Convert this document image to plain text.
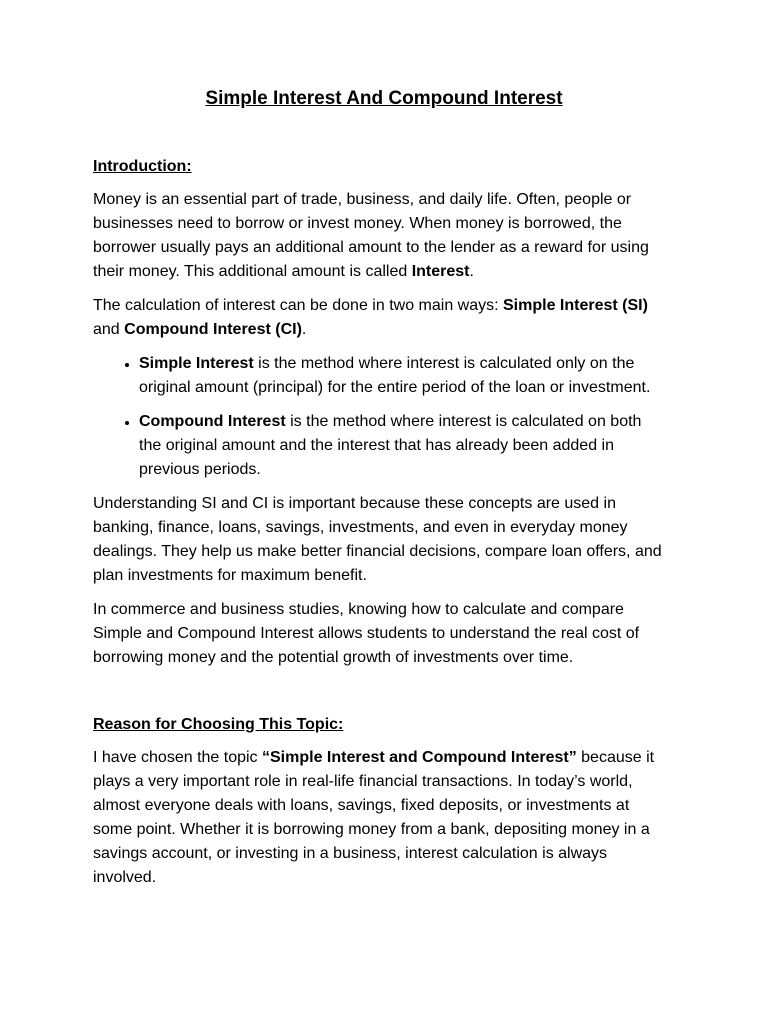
Simple Interest And Compound Interest
Introduction:

Money is an essential part of trade, business, and daily life. Often, people or businesses need to borrow or invest money. When money is borrowed, the borrower usually pays an additional amount to the lender as a reward for using their money. This additional amount is called Interest.

The calculation of interest can be done in two main ways: Simple Interest (SI) and Compound Interest (CI).

• Simple Interest is the method where interest is calculated only on the original amount (principal) for the entire period of the loan or investment.
• Compound Interest is the method where interest is calculated on both the original amount and the interest that has already been added in previous periods.

Understanding SI and CI is important because these concepts are used in banking, finance, loans, savings, investments, and even in everyday money dealings. They help us make better financial decisions, compare loan offers, and plan investments for maximum benefit.

In commerce and business studies, knowing how to calculate and compare Simple and Compound Interest allows students to understand the real cost of borrowing money and the potential growth of investments over time.

Reason for Choosing This Topic:

I have chosen the topic “Simple Interest and Compound Interest” because it plays a very important role in real-life financial transactions. In today’s world, almost everyone deals with loans, savings, fixed deposits, or investments at some point. Whether it is borrowing money from a bank, depositing money in a savings account, or investing in a business, interest calculation is always involved.
